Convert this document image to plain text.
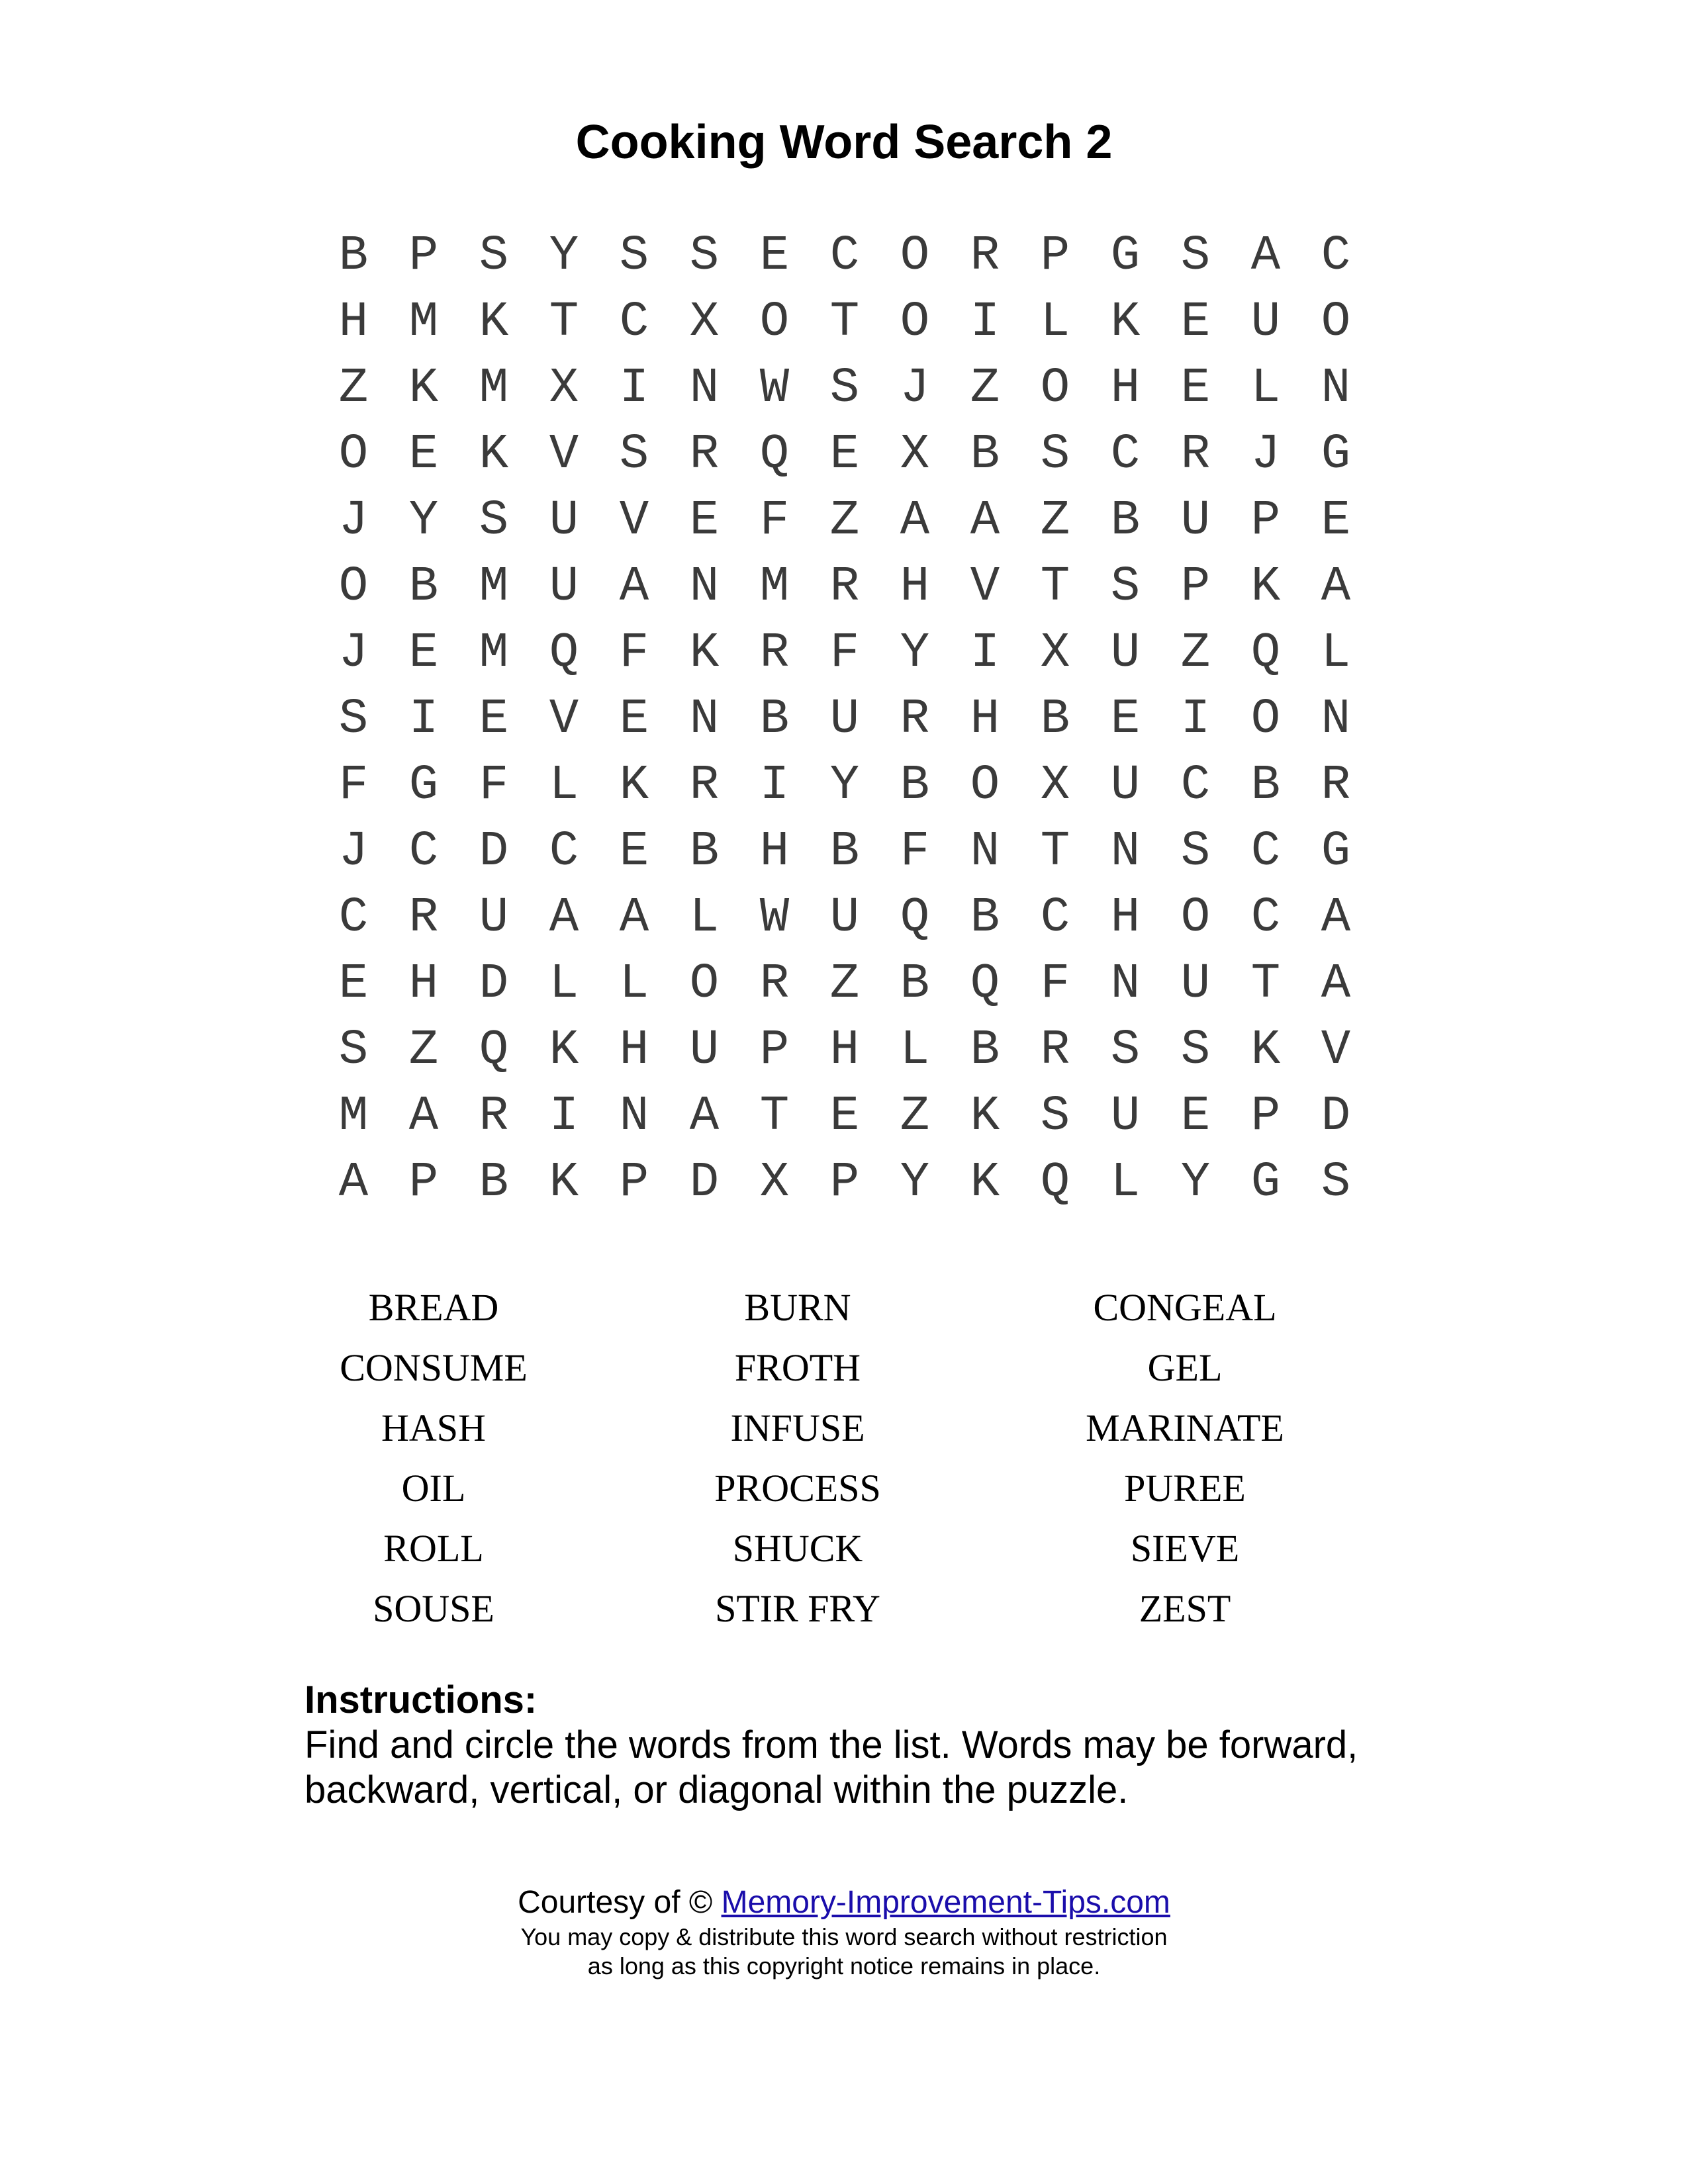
Cooking Word Search 2
B P S Y S S E C O R P G S A C
H M K T C X O T O I L K E U O
Z K M X I N W S J Z O H E L N
O E K V S R Q E X B S C R J G
J Y S U V E F Z A A Z B U P E
O B M U A N M R H V T S P K A
J E M Q F K R F Y I X U Z Q L
S I E V E N B U R H B E I O N
F G F L K R I Y B O X U C B R
J C D C E B H B F N T N S C G
C R U A A L W U Q B C H O C A
E H D L L O R Z B Q F N U T A
S Z Q K H U P H L B R S S K V
M A R I N A T E Z K S U E P D
A P B K P D X P Y K Q L Y G S
BREAD	BURN	CONGEAL
CONSUME	FROTH	GEL
HASH	INFUSE	MARINATE
OIL	PROCESS	PUREE
ROLL	SHUCK	SIEVE
SOUSE	STIR FRY	ZEST
Instructions:
Find and circle the words from the list. Words may be forward, backward, vertical, or diagonal within the puzzle.
Courtesy of © Memory-Improvement-Tips.com
You may copy & distribute this word search without restriction
as long as this copyright notice remains in place.
